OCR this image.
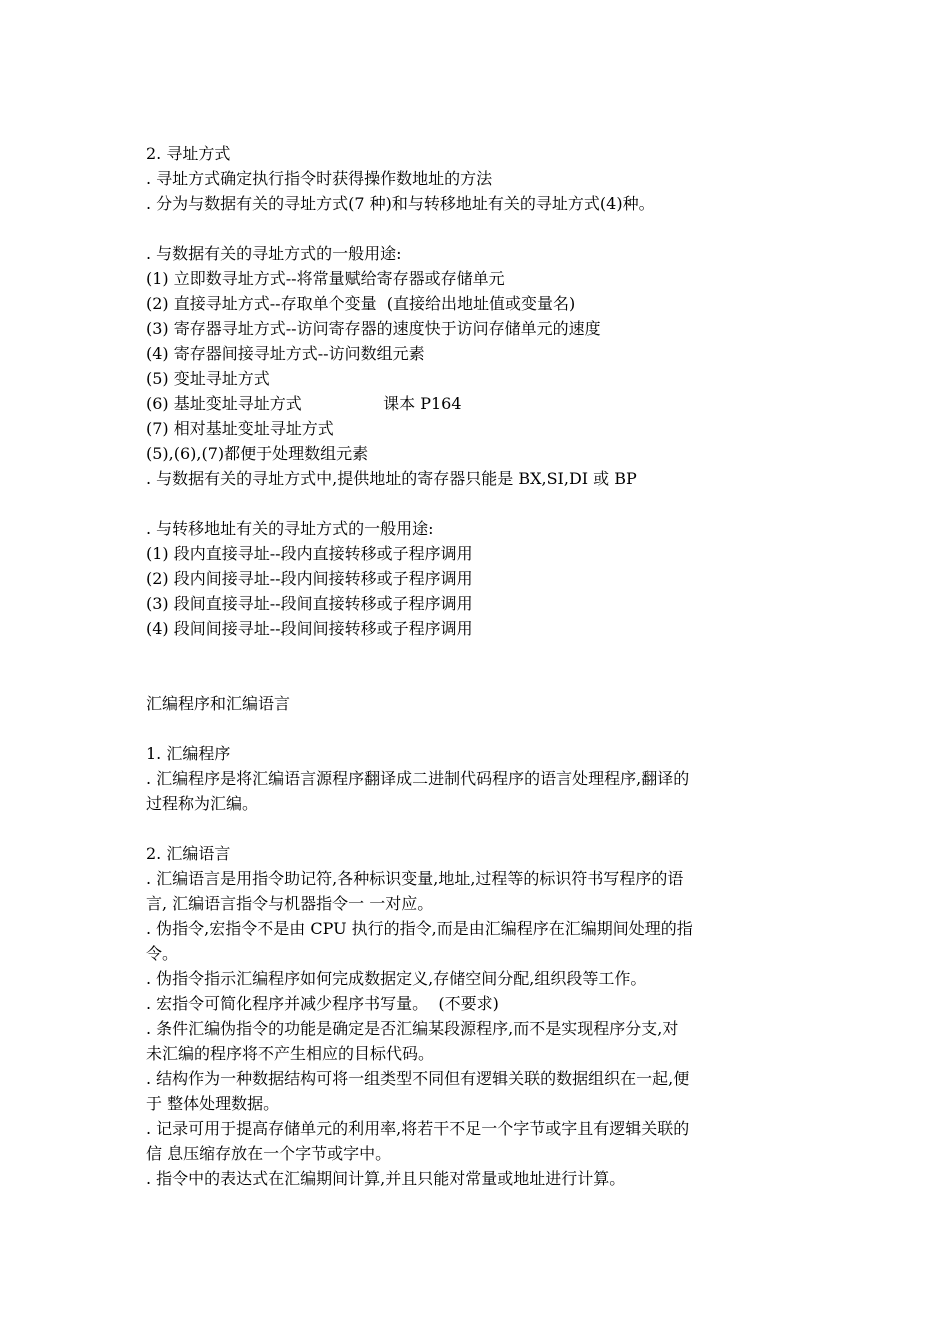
2. 寻址方式
. 寻址方式确定执行指令时获得操作数地址的方法
. 分为与数据有关的寻址方式(7 种)和与转移地址有关的寻址方式(4)种。
. 与数据有关的寻址方式的一般用途:
(1) 立即数寻址方式--将常量赋给寄存器或存储单元
(2) 直接寻址方式--存取单个变量  (直接给出地址值或变量名)
(3) 寄存器寻址方式--访问寄存器的速度快于访问存储单元的速度
(4) 寄存器间接寻址方式--访问数组元素
(5) 变址寻址方式
(6) 基址变址寻址方式                课本 P164
(7) 相对基址变址寻址方式
(5),(6),(7)都便于处理数组元素
. 与数据有关的寻址方式中,提供地址的寄存器只能是 BX,SI,DI 或 BP
. 与转移地址有关的寻址方式的一般用途:
(1) 段内直接寻址--段内直接转移或子程序调用
(2) 段内间接寻址--段内间接转移或子程序调用
(3) 段间直接寻址--段间直接转移或子程序调用
(4) 段间间接寻址--段间间接转移或子程序调用
汇编程序和汇编语言
1. 汇编程序
. 汇编程序是将汇编语言源程序翻译成二进制代码程序的语言处理程序,翻译的
过程称为汇编。
2. 汇编语言
. 汇编语言是用指令助记符,各种标识变量,地址,过程等的标识符书写程序的语
言, 汇编语言指令与机器指令一 一对应。
. 伪指令,宏指令不是由 CPU 执行的指令,而是由汇编程序在汇编期间处理的指
令。
. 伪指令指示汇编程序如何完成数据定义,存储空间分配,组织段等工作。
. 宏指令可简化程序并减少程序书写量。  (不要求)
. 条件汇编伪指令的功能是确定是否汇编某段源程序,而不是实现程序分支,对
未汇编的程序将不产生相应的目标代码。
. 结构作为一种数据结构可将一组类型不同但有逻辑关联的数据组织在一起,便
于 整体处理数据。
. 记录可用于提高存储单元的利用率,将若干不足一个字节或字且有逻辑关联的
信 息压缩存放在一个字节或字中。
. 指令中的表达式在汇编期间计算,并且只能对常量或地址进行计算。
